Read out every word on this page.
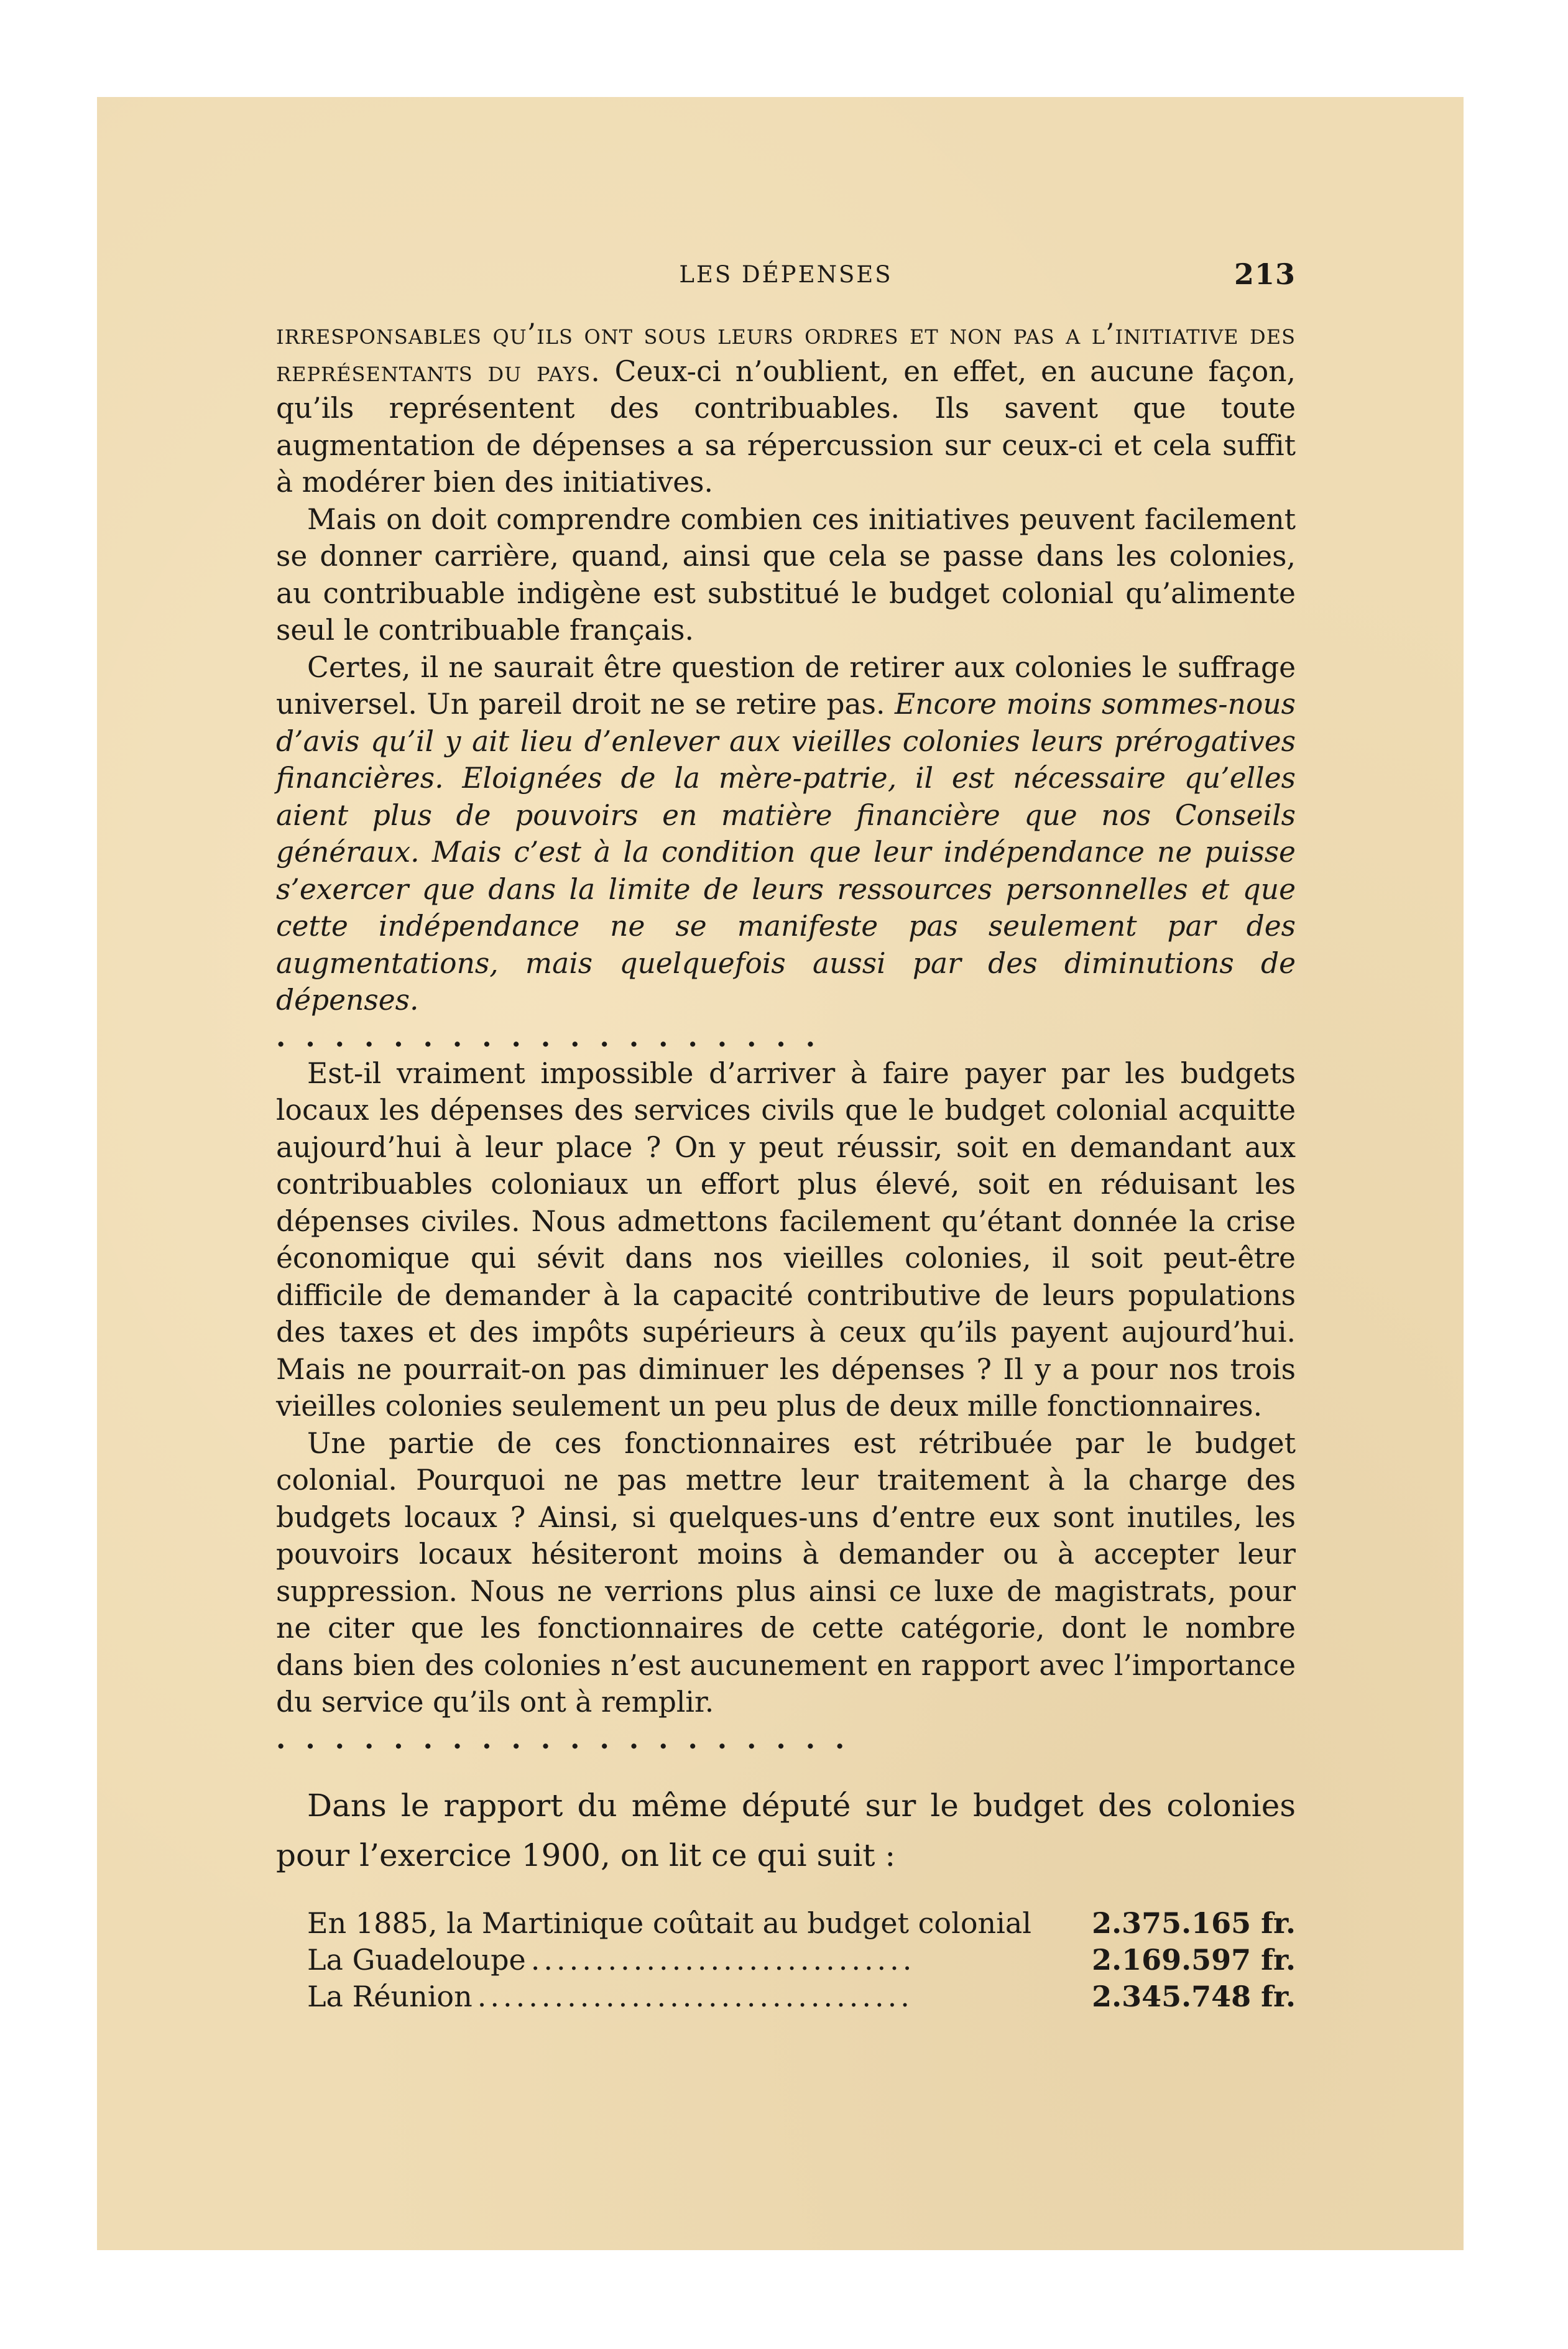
LES DÉPENSES	213

irresponsables qu’ils ont sous leurs ordres et non pas a l’initiative des représentants du pays. Ceux-ci n’oublient, en effet, en aucune façon, qu’ils représentent des contribuables. Ils savent que toute augmentation de dépenses a sa répercussion sur ceux-ci et cela suffit à modérer bien des initiatives.

Mais on doit comprendre combien ces initiatives peuvent facilement se donner carrière, quand, ainsi que cela se passe dans les colonies, au contribuable indigène est substitué le budget colonial qu’alimente seul le contribuable français.

Certes, il ne saurait être question de retirer aux colonies le suffrage universel. Un pareil droit ne se retire pas. Encore moins sommes-nous d’avis qu’il y ait lieu d’enlever aux vieilles colonies leurs prérogatives financières. Eloignées de la mère-patrie, il est nécessaire qu’elles aient plus de pouvoirs en matière financière que nos Conseils généraux. Mais c’est à la condition que leur indépendance ne puisse s’exercer que dans la limite de leurs ressources personnelles et que cette indépendance ne se manifeste pas seulement par des augmentations, mais quelquefois aussi par des diminutions de dépenses.

...................

Est-il vraiment impossible d’arriver à faire payer par les budgets locaux les dépenses des services civils que le budget colonial acquitte aujourd’hui à leur place ? On y peut réussir, soit en demandant aux contribuables coloniaux un effort plus élevé, soit en réduisant les dépenses civiles. Nous admettons facilement qu’étant donnée la crise économique qui sévit dans nos vieilles colonies, il soit peut-être difficile de demander à la capacité contributive de leurs populations des taxes et des impôts supérieurs à ceux qu’ils payent aujourd’hui. Mais ne pourrait-on pas diminuer les dépenses ? Il y a pour nos trois vieilles colonies seulement un peu plus de deux mille fonctionnaires.

Une partie de ces fonctionnaires est rétribuée par le budget colonial. Pourquoi ne pas mettre leur traitement à la charge des budgets locaux ? Ainsi, si quelques-uns d’entre eux sont inutiles, les pouvoirs locaux hésiteront moins à demander ou à accepter leur suppression. Nous ne verrions plus ainsi ce luxe de magistrats, pour ne citer que les fonctionnaires de cette catégorie, dont le nombre dans bien des colonies n’est aucunement en rapport avec l’importance du service qu’ils ont à remplir.

....................

Dans le rapport du même député sur le budget des colonies pour l’exercice 1900, on lit ce qui suit :

En 1885, la Martinique coûtait au budget colonial 2.375.165 fr.
La Guadeloupe ..............................	2.169.597 fr.
La Réunion ..................................	2.345.748 fr.
